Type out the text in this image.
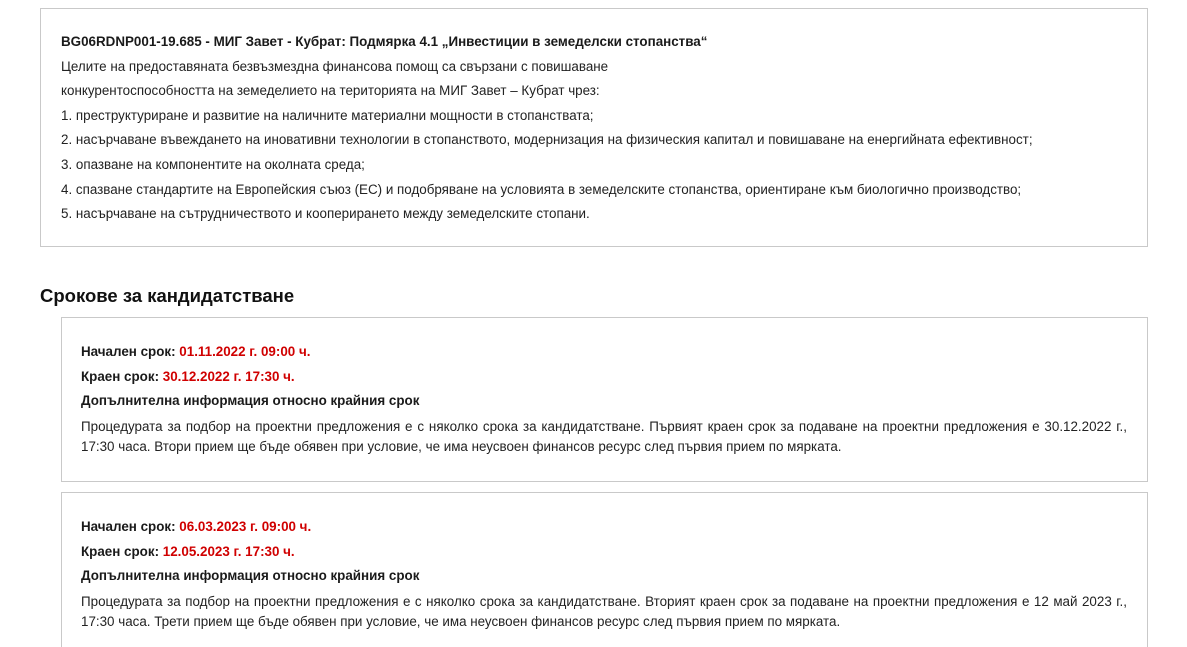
BG06RDNP001-19.685 - МИГ Завет - Кубрат: Подмярка 4.1 „Инвестиции в земеделски стопанства“
Целите на предоставяната безвъзмездна финансова помощ са свързани с повишаване
конкурентоспособността на земеделието на територията на МИГ Завет – Кубрат чрез:
1. преструктуриране и развитие на наличните материални мощности в стопанствата;
2. насърчаване въвеждането на иновативни технологии в стопанството, модернизация на физическия капитал и повишаване на енергийната ефективност;
3. опазване на компонентите на околната среда;
4. спазване стандартите на Европейския съюз (ЕС) и подобряване на условията в земеделските стопанства, ориентиране към биологично производство;
5. насърчаване на сътрудничеството и кооперирането между земеделските стопани.
Срокове за кандидатстване
Начален срок: 01.11.2022 г. 09:00 ч.
Краен срок: 30.12.2022 г. 17:30 ч.
Допълнителна информация относно крайния срок
Процедурата за подбор на проектни предложения е с няколко срока за кандидатстване. Първият краен срок за подаване на проектни предложения е 30.12.2022 г., 17:30 часа. Втори прием ще бъде обявен при условие, че има неусвоен финансов ресурс след първия прием по мярката.
Начален срок: 06.03.2023 г. 09:00 ч.
Краен срок: 12.05.2023 г. 17:30 ч.
Допълнителна информация относно крайния срок
Процедурата за подбор на проектни предложения е с няколко срока за кандидатстване. Вторият краен срок за подаване на проектни предложения е 12 май 2023 г., 17:30 часа. Трети прием ще бъде обявен при условие, че има неусвоен финансов ресурс след първия прием по мярката.
